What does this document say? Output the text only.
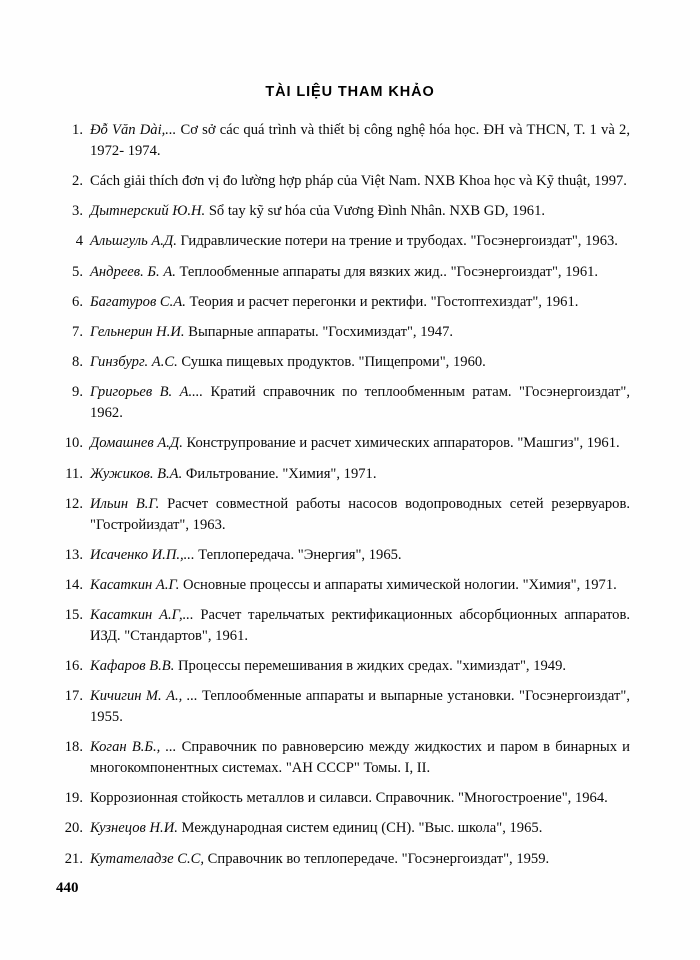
TÀI LIỆU THAM KHẢO
1. Đỗ Văn Dài,... Cơ sở các quá trình và thiết bị công nghệ hóa học. ĐH và THCN, T. 1 và 2, 1972- 1974.
2. Cách giải thích đơn vị đo lường hợp pháp của Việt Nam. NXB Khoa học và Kỹ thuật, 1997.
3. Дытнерский Ю.Н. Sổ tay kỹ sư hóa của Vương Đình Nhân. NXB GD, 1961.
4 Альшгуль А.Д. Гидравлические потери на трение и трубодах. "Госэнергоиздат", 1963.
5. Андреев. Б. А. Теплообменные аппараты для вязких жид.. "Госэнергоиздат", 1961.
6. Багатуров С.А. Теория и расчет перегонки и ректифи. "Гостоптехиздат", 1961.
7. Гельнерин Н.И. Выпарные аппараты. "Госхимиздат", 1947.
8. Гинзбург. А.С. Сушка пищевых продуктов. "Пищепроми", 1960.
9. Григорьев В. А.... Кратий справочник по теплообменным ратам. "Госэнергоиздат", 1962.
10. Домашнев А.Д. Конструпрование и расчет химических аппараторов. "Машгиз", 1961.
11. Жужиков. В.А. Фильтрование. "Химия", 1971.
12. Ильин В.Г. Расчет совместной работы насосов водопроводных сетей резервуаров. "Гостройиздат", 1963.
13. Исаченко И.П.,... Теплопередача. "Энергия", 1965.
14. Касаткин А.Г. Основные процессы и аппараты химической нологии. "Химия", 1971.
15. Касаткин А.Г,... Расчет тарельчатых ректификационных абсорбционных аппаратов. ИЗД. "Стандартов", 1961.
16. Кафаров В.В. Процессы перемешивания в жидких средах. "химиздат", 1949.
17. Кичигин М. А., ... Теплообменные аппараты и выпарные установки. "Госэнергоиздат", 1955.
18. Коган В.Б., ... Справочник по равноверсию между жидкостих и паром в бинарных и многокомпонентных системах. "АН СССР" Томы. I, II.
19. Коррозионная стойкость металлов и силавси. Справочник. "Многостроение", 1964.
20. Кузнецов Н.И. Международная систем единиц (СН). "Выс. школа", 1965.
21. Кутателадзе С.С, Справочник во теплопередаче. "Госэнергоиздат", 1959.
440
